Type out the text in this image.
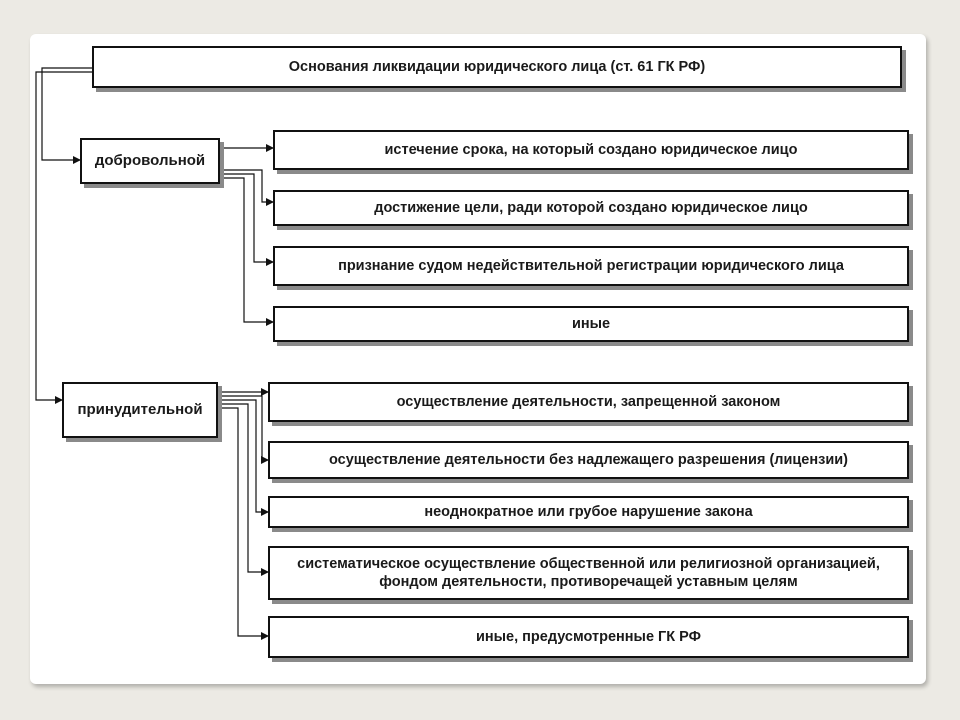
Основания ликвидации юридического лица (ст. 61 ГК РФ)
добровольной
принудительной
истечение срока, на который создано юридическое лицо
достижение цели, ради которой создано юридическое лицо
признание судом недействительной регистрации юридического лица
иные
осуществление деятельности, запрещенной законом
осуществление деятельности без надлежащего разрешения (лицензии)
неоднократное или грубое нарушение закона
систематическое осуществление общественной или религиозной организацией, фондом деятельности, противоречащей уставным целям
иные, предусмотренные ГК РФ
